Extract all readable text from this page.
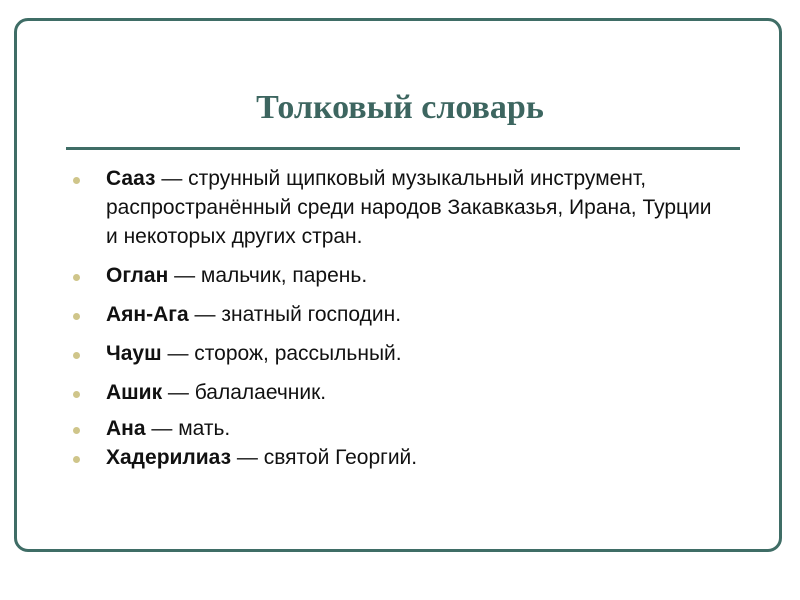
Толковый словарь
Сааз — струнный щипковый музыкальный инструмент, распространённый среди народов Закавказья, Ирана, Турции и некоторых других стран.
Оглан — мальчик, парень.
Аян-Ага — знатный господин.
Чауш — сторож, рассыльный.
Ашик — балалаечник.
Ана — мать.
Хадерилиаз — святой Георгий.
